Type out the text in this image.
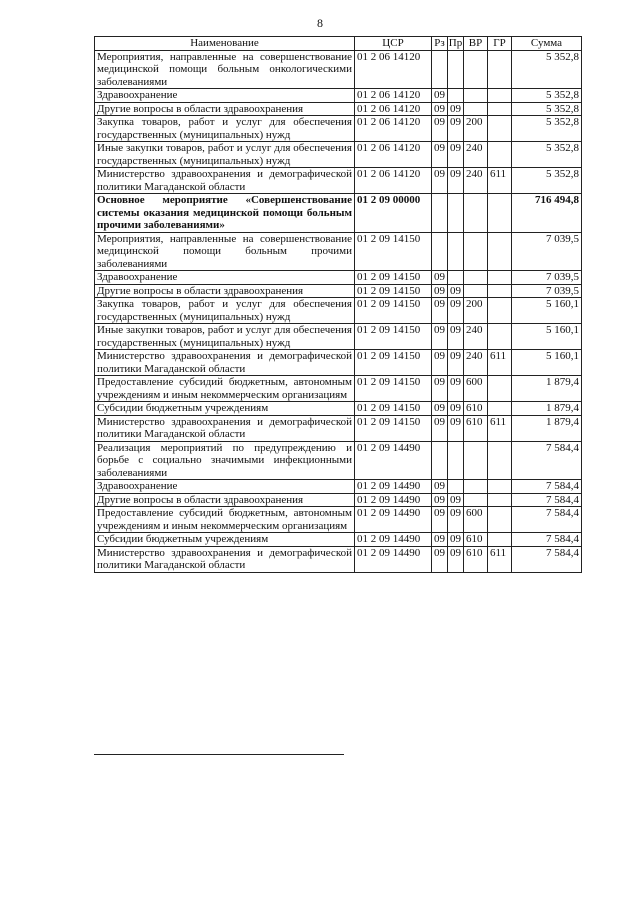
8
Наименование	ЦСР	Рз	Пр	ВР	ГР	Сумма
Мероприятия, направленные на совершенствование медицинской помощи больным онкологическими заболеваниями	01 2 06 14120					5 352,8
Здравоохранение	01 2 06 14120	09				5 352,8
Другие вопросы в области здравоохранения	01 2 06 14120	09	09			5 352,8
Закупка товаров, работ и услуг для обеспечения государственных (муниципальных) нужд	01 2 06 14120	09	09	200		5 352,8
Иные закупки товаров, работ и услуг для обеспечения государственных (муниципальных) нужд	01 2 06 14120	09	09	240		5 352,8
Министерство здравоохранения и демографической политики Магаданской области	01 2 06 14120	09	09	240	611	5 352,8
Основное мероприятие «Совершенствование системы оказания медицинской помощи больным прочими заболеваниями»	01 2 09 00000					716 494,8
Мероприятия, направленные на совершенствование медицинской помощи больным прочими заболеваниями	01 2 09 14150					7 039,5
Здравоохранение	01 2 09 14150	09				7 039,5
Другие вопросы в области здравоохранения	01 2 09 14150	09	09			7 039,5
Закупка товаров, работ и услуг для обеспечения государственных (муниципальных) нужд	01 2 09 14150	09	09	200		5 160,1
Иные закупки товаров, работ и услуг для обеспечения государственных (муниципальных) нужд	01 2 09 14150	09	09	240		5 160,1
Министерство здравоохранения и демографической политики Магаданской области	01 2 09 14150	09	09	240	611	5 160,1
Предоставление субсидий бюджетным, автономным учреждениям и иным некоммерческим организациям	01 2 09 14150	09	09	600		1 879,4
Субсидии бюджетным учреждениям	01 2 09 14150	09	09	610		1 879,4
Министерство здравоохранения и демографической политики Магаданской области	01 2 09 14150	09	09	610	611	1 879,4
Реализация мероприятий по предупреждению и борьбе с социально значимыми инфекционными заболеваниями	01 2 09 14490					7 584,4
Здравоохранение	01 2 09 14490	09				7 584,4
Другие вопросы в области здравоохранения	01 2 09 14490	09	09			7 584,4
Предоставление субсидий бюджетным, автономным учреждениям и иным некоммерческим организациям	01 2 09 14490	09	09	600		7 584,4
Субсидии бюджетным учреждениям	01 2 09 14490	09	09	610		7 584,4
Министерство здравоохранения и демографической политики Магаданской области	01 2 09 14490	09	09	610	611	7 584,4
